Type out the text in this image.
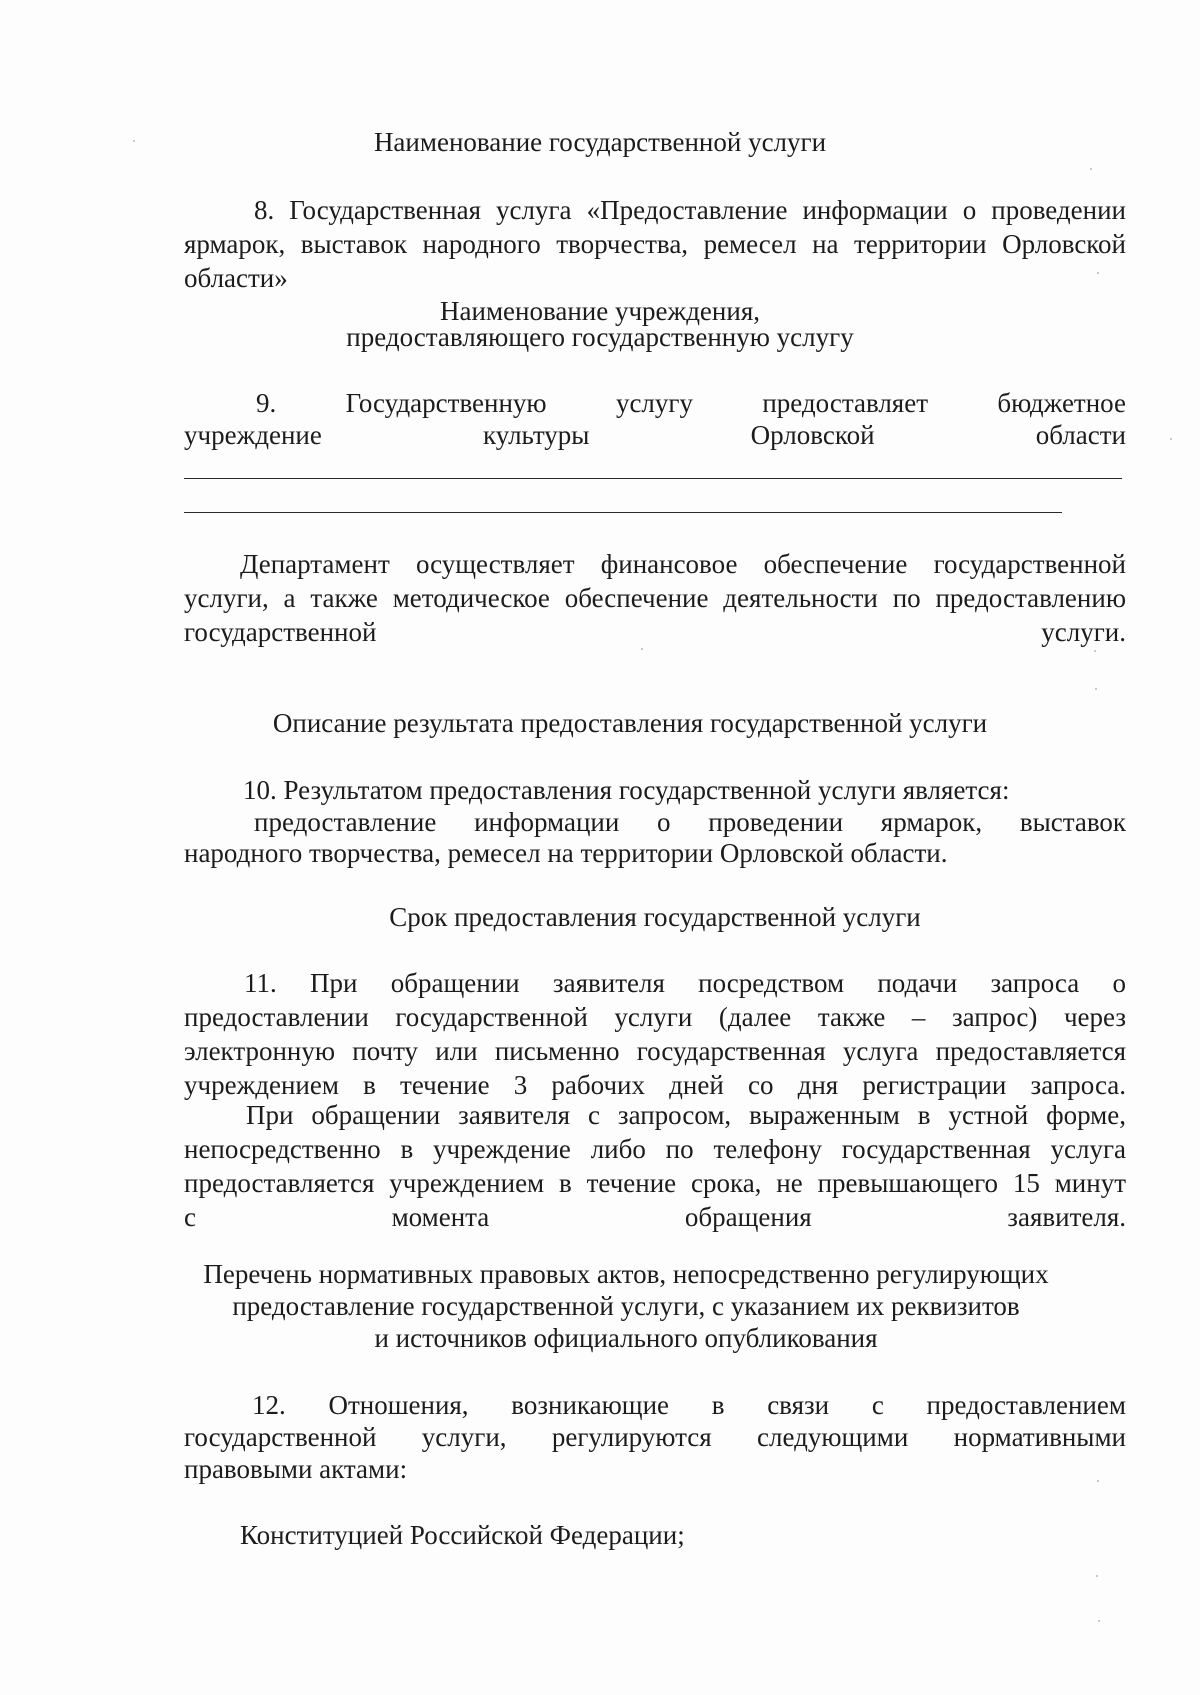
Наименование государственной услуги

8. Государственная услуга «Предоставление информации о проведении
ярмарок, выставок народного творчества, ремесел на территории Орловской
области»

Наименование учреждения,

предоставляющего государственную услугу

9.	Государственную	услугу	предоставляет	бюджетное
учреждение	культуры	Орловской	области
Департамент осуществляет финансовое обеспечение государственной
услуги, а также методическое обеспечение деятельности по предоставлению
государственной услуги.

Описание результата предоставления государственной услуги

10. Результатом предоставления государственной услуги является:

предоставление информации о проведении ярмарок, выставок

народного творчества, ремесел на территории Орловской области.

Срок предоставления государственной услуги

11. При обращении заявителя посредством подачи запроса о
предоставлении государственной услуги (далее также – запрос) через
электронную почту или письменно государственная услуга предоставляется
учреждением в течение 3 рабочих дней со дня регистрации запроса.
При обращении заявителя с запросом, выраженным в устной форме,
непосредственно в учреждение либо по телефону государственная услуга
предоставляется учреждением в течение срока, не превышающего 15 минут
с момента обращения заявителя.

Перечень нормативных правовых актов, непосредственно регулирующих

предоставление государственной услуги, с указанием их реквизитов

и источников официального опубликования

12. Отношения, возникающие в связи с предоставлением
государственной услуги, регулируются следующими нормативными

правовыми актами:

Конституцией Российской Федерации;
